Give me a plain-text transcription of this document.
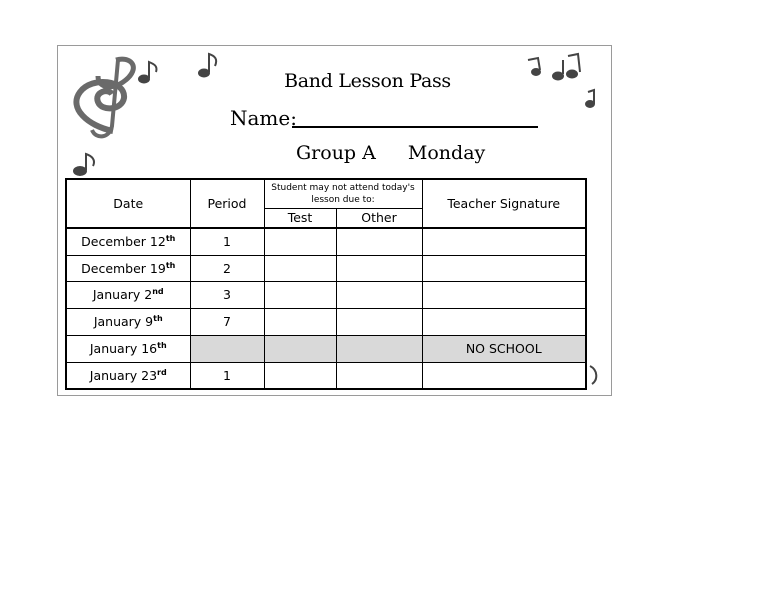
Band Lesson Pass
Name:
Group A Monday
Date	Period	Student may not attend today's lesson due to:		Teacher Signature
		Test	Other	
December 12th	1			
December 19th	2			
January 2nd	3			
January 9th	7			
January 16th				NO SCHOOL
January 23rd	1			
